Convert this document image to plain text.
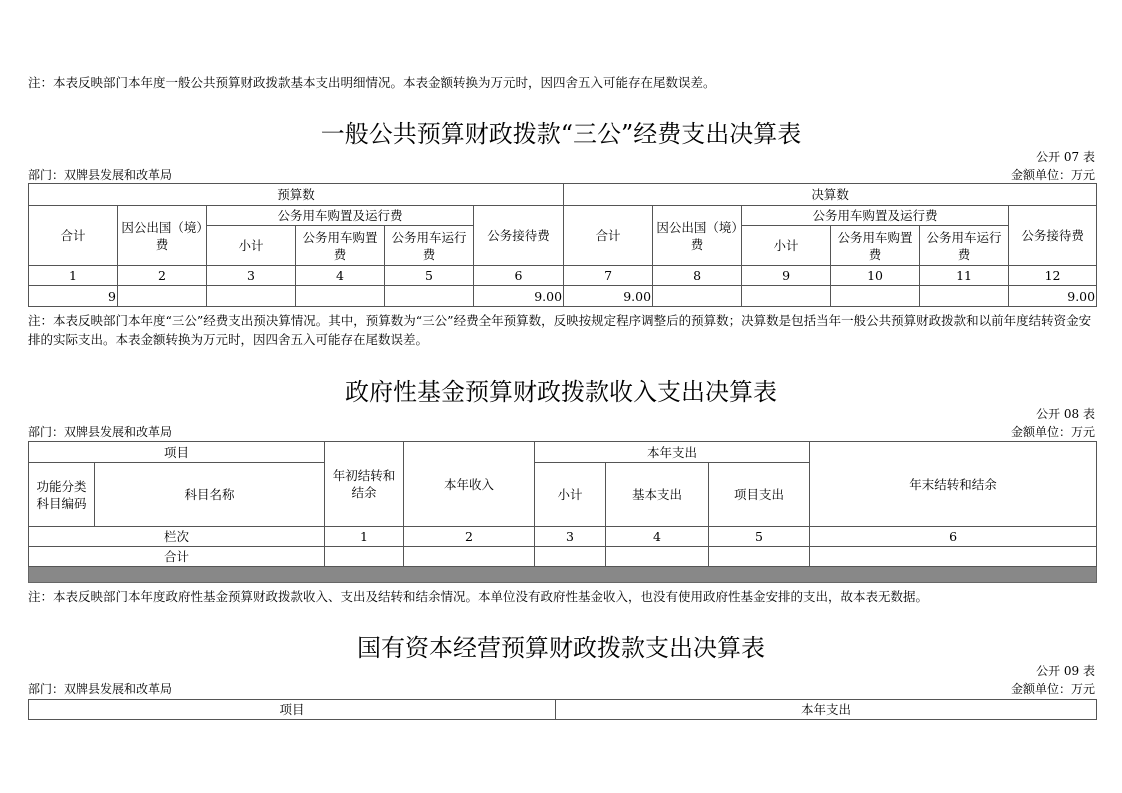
注：本表反映部门本年度一般公共预算财政拨款基本支出明细情况。本表金额转换为万元时，因四舍五入可能存在尾数误差。
一般公共预算财政拨款“三公”经费支出决算表
公开 07 表
部门：双牌县发展和改革局	金额单位：万元
预算数						决算数					
合计	因公出国（境）费	公务用车购置及运行费			公务接待费	合计	因公出国（境）费	公务用车购置及运行费			公务接待费
		小计	公务用车购置费	公务用车运行费				小计	公务用车购置费	公务用车运行费	
1	2	3	4	5	6	7	8	9	10	11	12
9					9.00	9.00					9.00
注：本表反映部门本年度“三公”经费支出预决算情况。其中，预算数为“三公”经费全年预算数，反映按规定程序调整后的预算数；决算数是包括当年一般公共预算财政拨款和以前年度结转资金安排的实际支出。本表金额转换为万元时，因四舍五入可能存在尾数误差。
政府性基金预算财政拨款收入支出决算表
公开 08 表
部门：双牌县发展和改革局	金额单位：万元
项目		年初结转和结余	本年收入	本年支出			年末结转和结余
功能分类科目编码	科目名称			小计	基本支出	项目支出	
栏次		1	2	3	4	5	6
合计							

注：本表反映部门本年度政府性基金预算财政拨款收入、支出及结转和结余情况。本单位没有政府性基金收入，也没有使用政府性基金安排的支出，故本表无数据。
国有资本经营预算财政拨款支出决算表
公开 09 表
部门：双牌县发展和改革局	金额单位：万元
项目	本年支出
